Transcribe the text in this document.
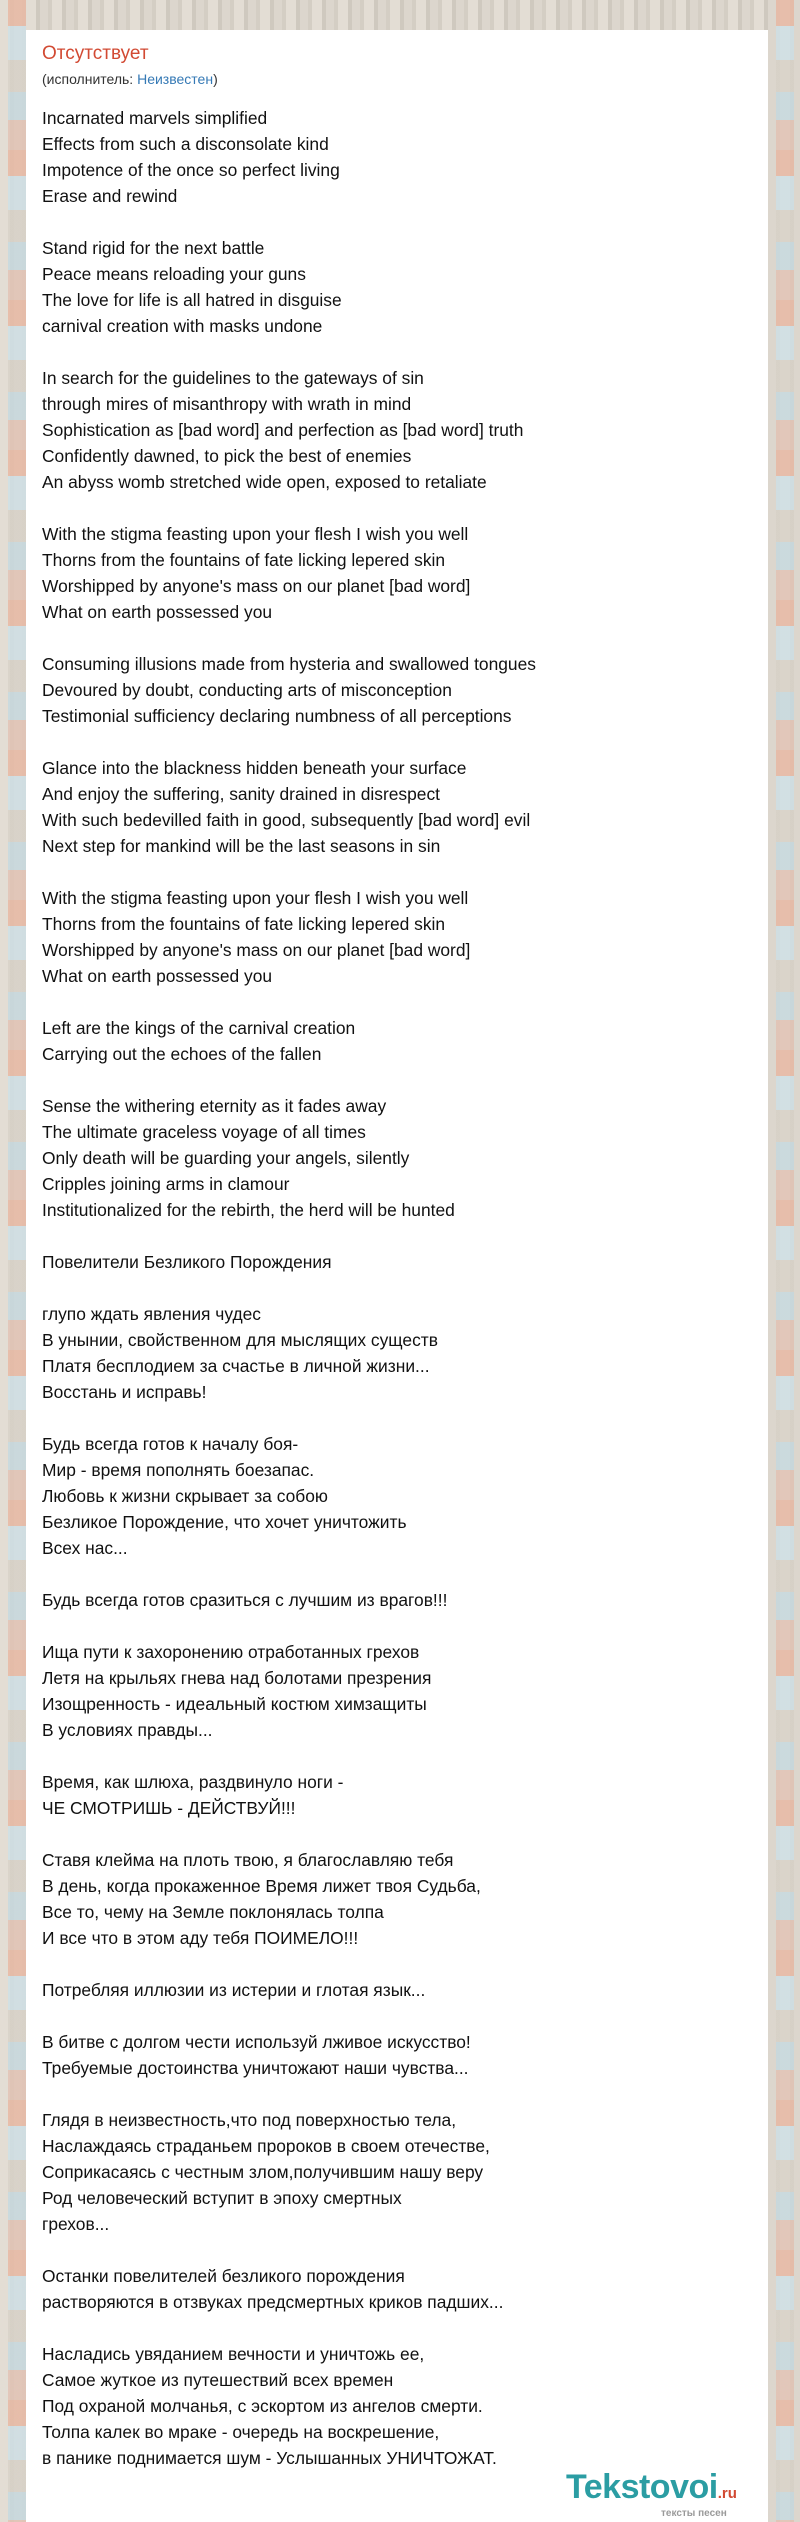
Отсутствует
(исполнитель: Неизвестен)
Incarnated marvels simplified
Effects from such a disconsolate kind
Impotence of the once so perfect living
Erase and rewind

Stand rigid for the next battle
Peace means reloading your guns
The love for life is all hatred in disguise
carnival creation with masks undone

In search for the guidelines to the gateways of sin
through mires of misanthropy with wrath in mind
Sophistication as [bad word] and perfection as [bad word] truth
Confidently dawned, to pick the best of enemies
An abyss womb stretched wide open, exposed to retaliate

With the stigma feasting upon your flesh I wish you well
Thorns from the fountains of fate licking lepered skin
Worshipped by anyone's mass on our planet [bad word]
What on earth possessed you

Consuming illusions made from hysteria and swallowed tongues
Devoured by doubt, conducting arts of misconception
Testimonial sufficiency declaring numbness of all perceptions

Glance into the blackness hidden beneath your surface
And enjoy the suffering, sanity drained in disrespect
With such bedevilled faith in good, subsequently [bad word] evil
Next step for mankind will be the last seasons in sin

With the stigma feasting upon your flesh I wish you well
Thorns from the fountains of fate licking lepered skin
Worshipped by anyone's mass on our planet [bad word]
What on earth possessed you

Left are the kings of the carnival creation
Carrying out the echoes of the fallen

Sense the withering eternity as it fades away
The ultimate graceless voyage of all times
Only death will be guarding your angels, silently
Cripples joining arms in clamour
Institutionalized for the rebirth, the herd will be hunted

Повелители Безликого Порождения

глупо ждать явления чудес
В унынии, свойственном для мыслящих существ
Платя бесплодием за счастье в личной жизни...
Восстань и исправь!

Будь всегда готов к началу боя-
Мир - время пополнять боезапас.
Любовь к жизни скрывает за собою
Безликое Порождение, что хочет уничтожить
Всех нас...

Будь всегда готов сразиться с лучшим из врагов!!!

Ища пути к захоронению отработанных грехов
Летя на крыльях гнева над болотами презрения
Изощренность - идеальный костюм химзащиты
В условиях правды...

Время, как шлюха, раздвинуло ноги -
ЧЕ СМОТРИШЬ - ДЕЙСТВУЙ!!!

Ставя клейма на плоть твою, я благославляю тебя
В день, когда прокаженное Время лижет твоя Судьба,
Все то, чему на Земле поклонялась толпа
И все что в этом аду тебя ПОИМЕЛО!!!

Потребляя иллюзии из истерии и глотая язык...

В битве с долгом чести используй лживое искусство!
Требуемые достоинства уничтожают наши чувства...

Глядя в неизвестность,что под поверхностью тела,
Наслаждаясь страданьем пророков в своем отечестве,
Соприкасаясь с честным злом,получившим нашу веру
Род человеческий вступит в эпоху смертных
грехов...

Останки повелителей безликого порождения
растворяются в отзвуках предсмертных криков падших...

Насладись увяданием вечности и уничтожь ее,
Самое жуткое из путешествий всех времен
Под охраной молчанья, с эскортом из ангелов смерти.
Толпа калек во мраке - очередь на воскрешение,
в панике поднимается шум - Услышанных УНИЧТОЖАТ.
Tekstovoi.ru
тексты песен
